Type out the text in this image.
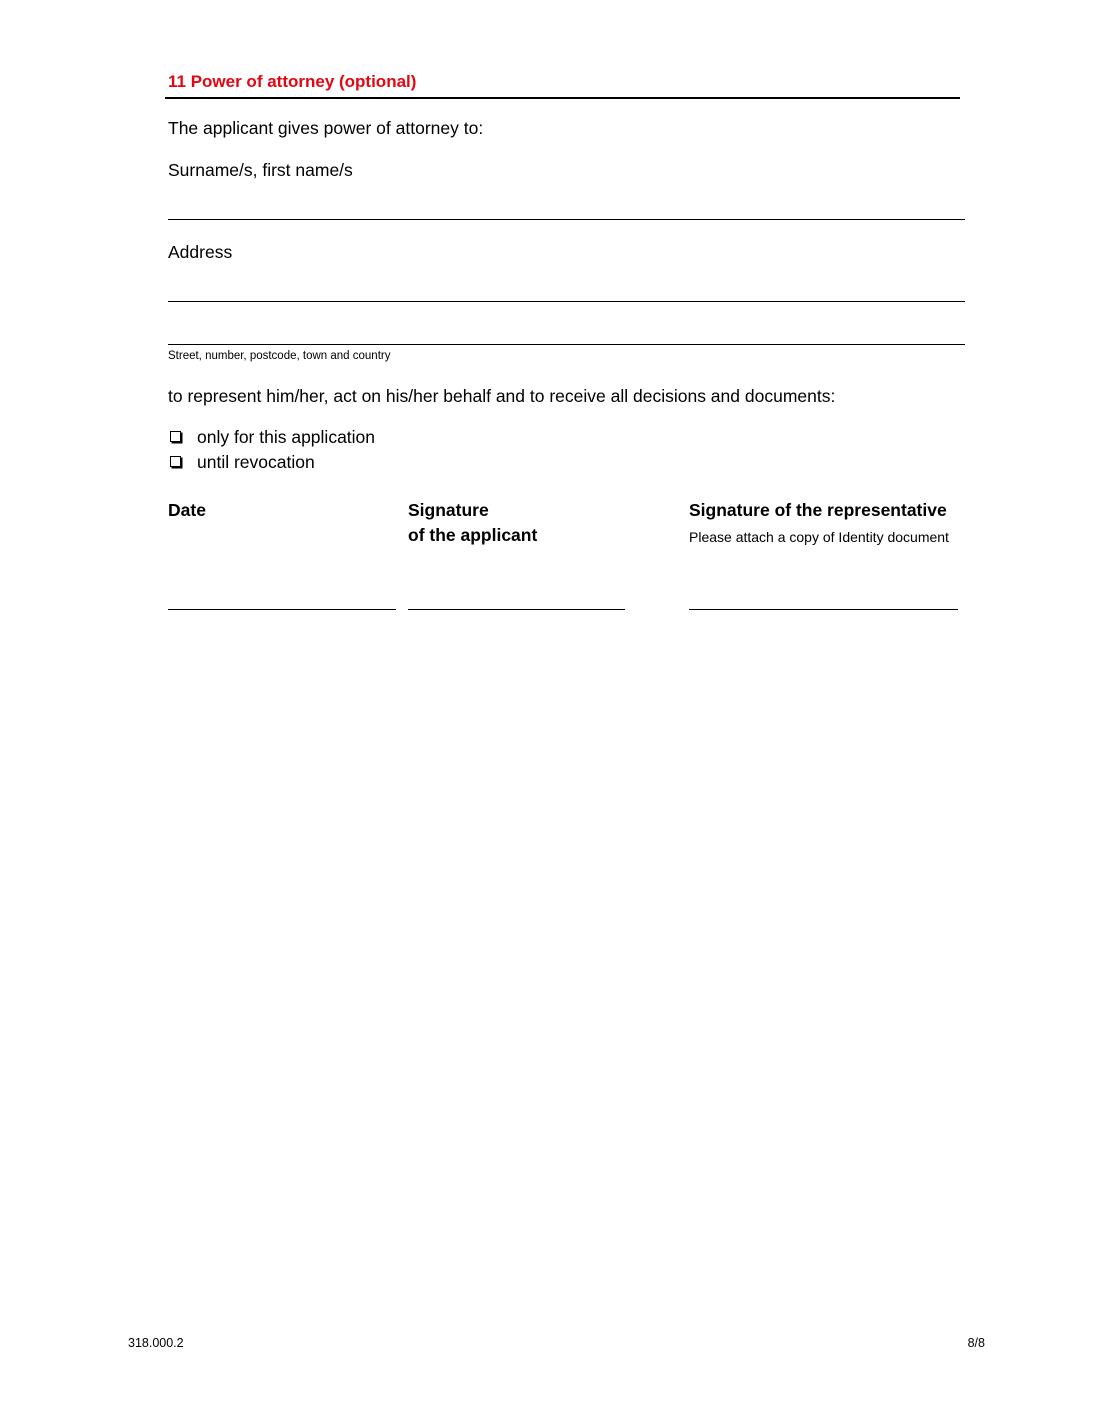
11 Power of attorney (optional)
The applicant gives power of attorney to:
Surname/s, first name/s
Address
Street, number, postcode, town and country
to represent him/her, act on his/her behalf and to receive all decisions and documents:
only for this application
until revocation
Date	Signature
of the applicant
Signature of the representative
Please attach a copy of Identity document
318.000.2	8/8
